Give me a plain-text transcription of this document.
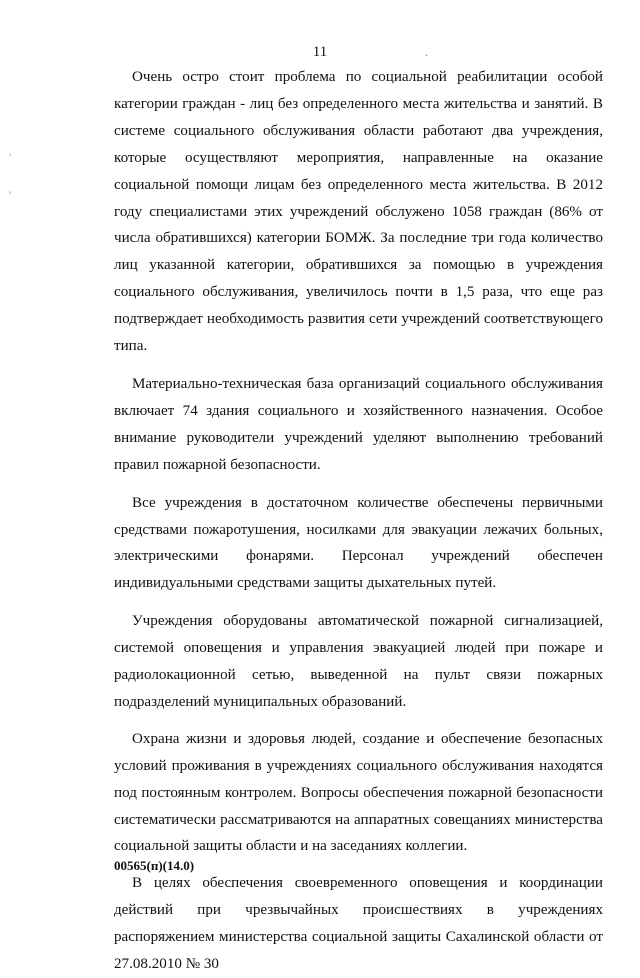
11	.
'
'

Очень остро стоит проблема по социальной реабилитации особой категории граждан - лиц без определенного места жительства и занятий. В системе социального обслуживания области работают два учреждения, которые осуществляют мероприятия, направленные на оказание социальной помощи лицам без определенного места жительства. В 2012 году специалистами этих учреждений обслужено 1058 граждан (86% от числа обратившихся) категории БОМЖ. За последние три года количество лиц указанной категории, обратившихся за помощью в учреждения социального обслуживания, увеличилось почти в 1,5 раза, что еще раз подтверждает необходимость развития сети учреждений соответствующего типа.

Материально-техническая база организаций социального обслуживания включает 74 здания социального и хозяйственного назначения. Особое внимание руководители учреждений уделяют выполнению требований правил пожарной безопасности.

Все учреждения в достаточном количестве обеспечены первичными средствами пожаротушения, носилками для эвакуации лежачих больных, электрическими фонарями. Персонал учреждений обеспечен индивидуальными средствами защиты дыхательных путей.

Учреждения оборудованы автоматической пожарной сигнализацией, системой оповещения и управления эвакуацией людей при пожаре и радиолокационной сетью, выведенной на пульт связи пожарных подразделений муниципальных образований.

Охрана жизни и здоровья людей, создание и обеспечение безопасных условий проживания в учреждениях социального обслуживания находятся под постоянным контролем. Вопросы обеспечения пожарной безопасности систематически рассматриваются на аппаратных совещаниях министерства социальной защиты области и на заседаниях коллегии.

В целях обеспечения своевременного оповещения и координации действий при чрезвычайных происшествиях в учреждениях распоряжением министерства социальной защиты Сахалинской области от 27.08.2010 № 30

00565(п)(14.0)
